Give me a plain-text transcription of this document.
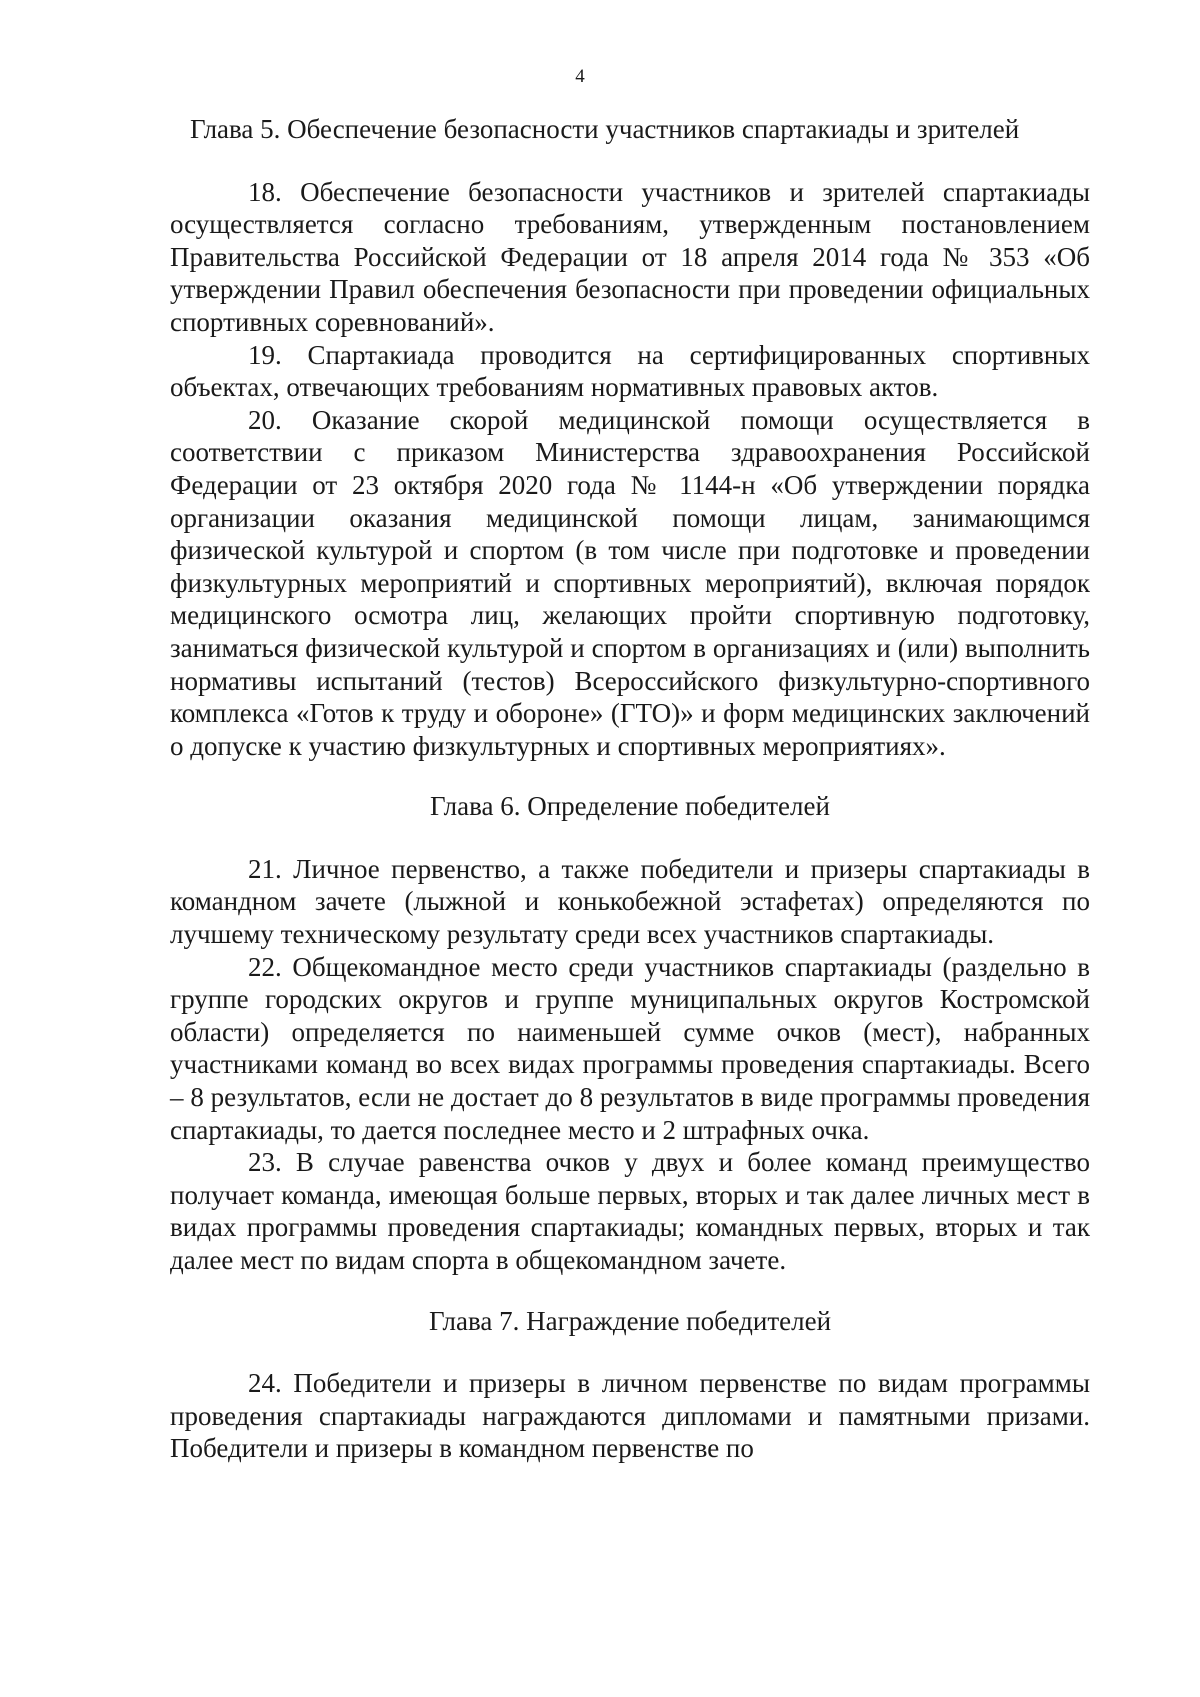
4
Глава 5. Обеспечение безопасности участников спартакиады и зрителей

18. Обеспечение безопасности участников и зрителей спартакиады осуществляется согласно требованиям, утвержденным постановлением Правительства Российской Федерации от 18 апреля 2014 года № 353 «Об утверждении Правил обеспечения безопасности при проведении официальных спортивных соревнований».

19. Спартакиада проводится на сертифицированных спортивных объектах, отвечающих требованиям нормативных правовых актов.

20. Оказание скорой медицинской помощи осуществляется в соответствии с приказом Министерства здравоохранения Российской Федерации от 23 октября 2020 года № 1144-н «Об утверждении порядка организации оказания медицинской помощи лицам, занимающимся физической культурой и спортом (в том числе при подготовке и проведении физкультурных мероприятий и спортивных мероприятий), включая порядок медицинского осмотра лиц, желающих пройти спортивную подготовку, заниматься физической культурой и спортом в организациях и (или) выполнить нормативы испытаний (тестов) Всероссийского физкультурно-спортивного комплекса «Готов к труду и обороне» (ГТО)» и форм медицинских заключений о допуске к участию физкультурных и спортивных мероприятиях».

Глава 6. Определение победителей

21. Личное первенство, а также победители и призеры спартакиады в командном зачете (лыжной и конькобежной эстафетах) определяются по лучшему техническому результату среди всех участников спартакиады.

22. Общекомандное место среди участников спартакиады (раздельно в группе городских округов и группе муниципальных округов Костромской области) определяется по наименьшей сумме очков (мест), набранных участниками команд во всех видах программы проведения спартакиады. Всего – 8 результатов, если не достает до 8 результатов в виде программы проведения спартакиады, то дается последнее место и 2 штрафных очка.

23. В случае равенства очков у двух и более команд преимущество получает команда, имеющая больше первых, вторых и так далее личных мест в видах программы проведения спартакиады; командных первых, вторых и так далее мест по видам спорта в общекомандном зачете.

Глава 7. Награждение победителей

24. Победители и призеры в личном первенстве по видам программы проведения спартакиады награждаются дипломами и памятными призами. Победители и призеры в командном первенстве по
